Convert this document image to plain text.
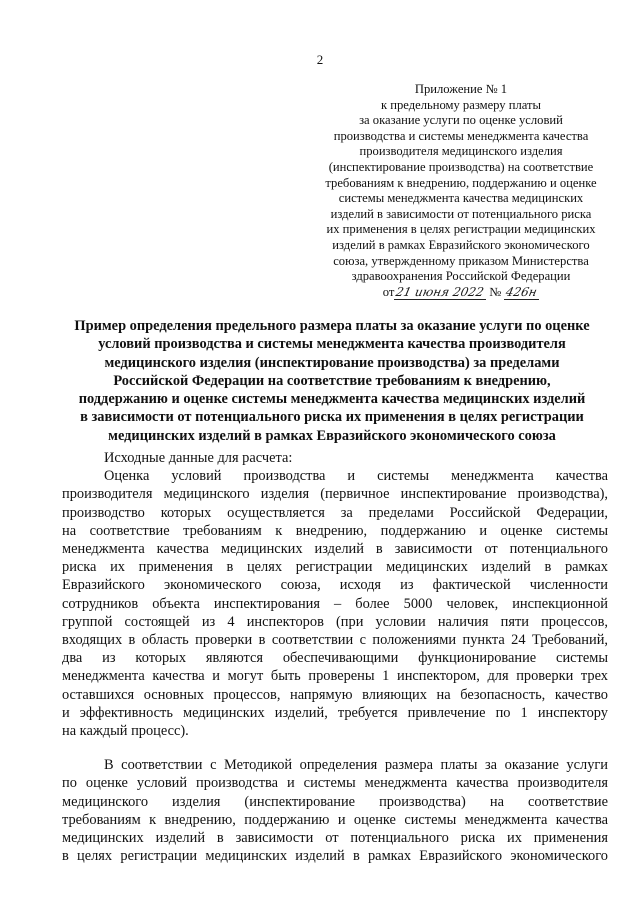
2
Приложение № 1
к предельному размеру платы
за оказание услуги по оценке условий
производства и системы менеджмента качества
производителя медицинского изделия
(инспектирование производства) на соответствие
требованиям к внедрению, поддержанию и оценке
системы менеджмента качества медицинских
изделий в зависимости от потенциального риска
их применения в целях регистрации медицинских
изделий в рамках Евразийского экономического
союза, утвержденному приказом Министерства
здравоохранения Российской Федерации
от21 июня 2022 № 426н
Пример определения предельного размера платы за оказание услуги по оценке
условий производства и системы менеджмента качества производителя
медицинского изделия (инспектирование производства) за пределами
Российской Федерации на соответствие требованиям к внедрению,
поддержанию и оценке системы менеджмента качества медицинских изделий
в зависимости от потенциального риска их применения в целях регистрации
медицинских изделий в рамках Евразийского экономического союза
Исходные данные для расчета:
Оценка условий производства и системы менеджмента качества
производителя медицинского изделия (первичное инспектирование производства),
производство которых осуществляется за пределами Российской Федерации,
на соответствие требованиям к внедрению, поддержанию и оценке системы
менеджмента качества медицинских изделий в зависимости от потенциального
риска их применения в целях регистрации медицинских изделий в рамках
Евразийского экономического союза, исходя из фактической численности
сотрудников объекта инспектирования – более 5000 человек, инспекционной
группой состоящей из 4 инспекторов (при условии наличия пяти процессов,
входящих в область проверки в соответствии с положениями пункта 24 Требований,
два из которых являются обеспечивающими функционирование системы
менеджмента качества и могут быть проверены 1 инспектором, для проверки трех
оставшихся основных процессов, напрямую влияющих на безопасность, качество
и эффективность медицинских изделий, требуется привлечение по 1 инспектору
на каждый процесс).
В соответствии с Методикой определения размера платы за оказание услуги
по оценке условий производства и системы менеджмента качества производителя
медицинского изделия (инспектирование производства) на соответствие
требованиям к внедрению, поддержанию и оценке системы менеджмента качества
медицинских изделий в зависимости от потенциального риска их применения
в целях регистрации медицинских изделий в рамках Евразийского экономического
